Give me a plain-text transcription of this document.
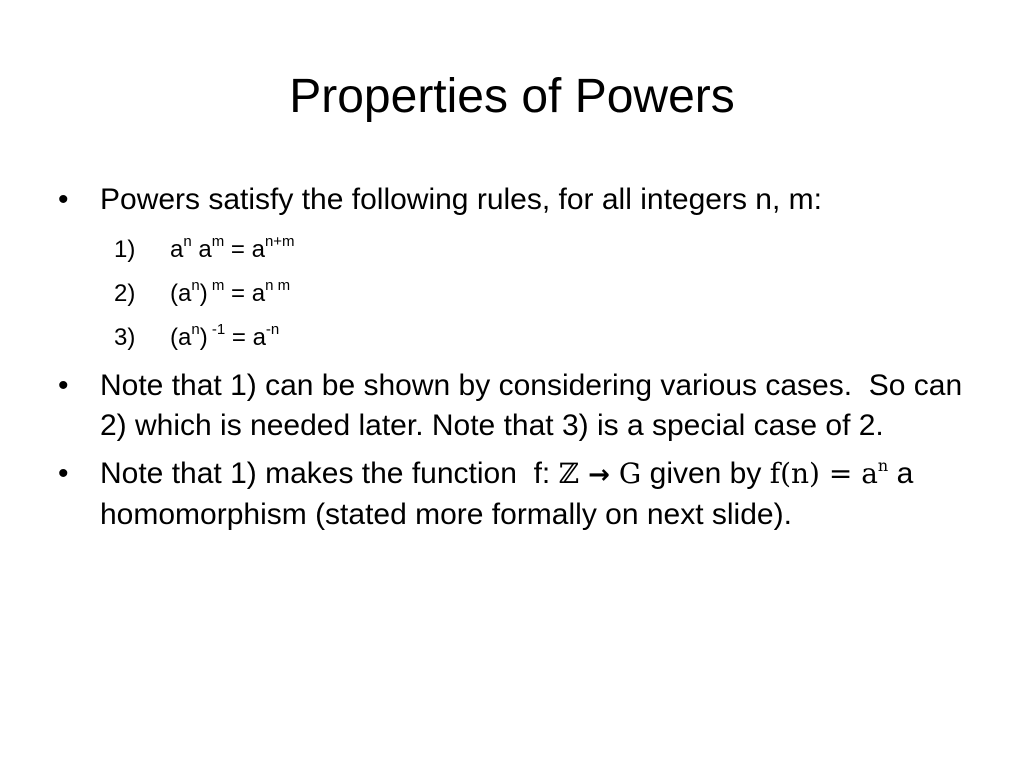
Properties of Powers
•	Powers satisfy the following rules, for all integers n, m:
1) $a^n$ $a^m = a^{n+m}$
2) $(a^n) ^m = a^{n m}$
3) $(a^n) ^{-1} = a^{-n}$
•	Note that 1) can be shown by considering various cases.  So can 2) which is needed later. Note that 3) is a special case of 2.
•	Note that 1) makes the function  f: ℤ → G given by $f(n) = a^n$ a homomorphism (stated more formally on next slide).
